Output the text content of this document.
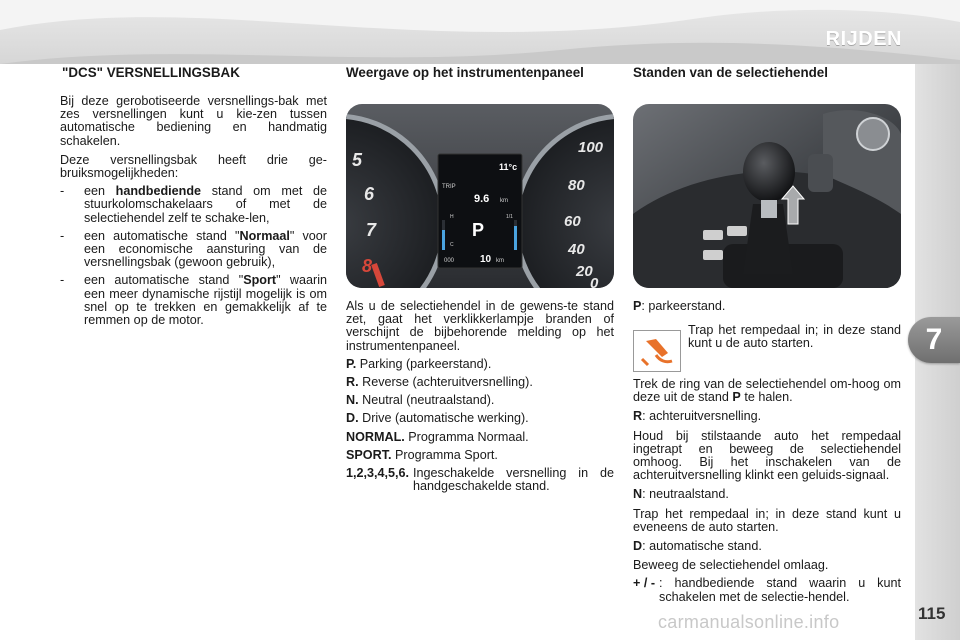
RIJDEN
7
115
carmanualsonline.info
"DCS" VERSNELLINGSBAK

Bij deze gerobotiseerde versnellings-bak met zes versnellingen kunt u kie-zen tussen automatische bediening en handmatig schakelen.

Deze versnellingsbak heeft drie ge-bruiksmogelijkheden:

-	een handbediende stand om met de stuurkolomschakelaars of met de selectiehendel zelf te schake-len,
-	een automatische stand "Normaal" voor een economische aansturing van de versnellingsbak (gewoon gebruik),
-	een automatische stand "Sport" waarin een meer dynamische rijstijl mogelijk is om snel op te trekken en gemakkelijk af te remmen op de motor.
Weergave op het instrumentenpaneel
5
6
7
8
100
80
60
40
20
0
11°c
TRIP
9.6 km
P
H
C
1/1
000	10 km

Als u de selectiehendel in de gewens-te stand zet, gaat het verklikkerlampje branden of verschijnt de bijbehorende melding op het instrumentenpaneel.

P. Parking (parkeerstand).
R. Reverse (achteruitversnelling).
N. Neutral (neutraalstand).
D. Drive (automatische werking).
NORMAL. Programma Normaal.
SPORT. Programma Sport.
1,2,3,4,5,6. Ingeschakelde versnelling in de handgeschakelde stand.
Standen van de selectiehendel

P: parkeerstand.

Trap het rempedaal in; in deze stand kunt u de auto starten.

Trek de ring van de selectiehendel om-hoog om deze uit de stand P te halen.

R: achteruitversnelling.

Houd bij stilstaande auto het rempedaal ingetrapt en beweeg de selectiehendel omhoog. Bij het inschakelen van de achteruitversnelling klinkt een geluids-signaal.

N: neutraalstand.

Trap het rempedaal in; in deze stand kunt u eveneens de auto starten.

D: automatische stand.

Beweeg de selectiehendel omlaag.

+ / - : handbediende stand waarin u kunt schakelen met de selectie-hendel.
